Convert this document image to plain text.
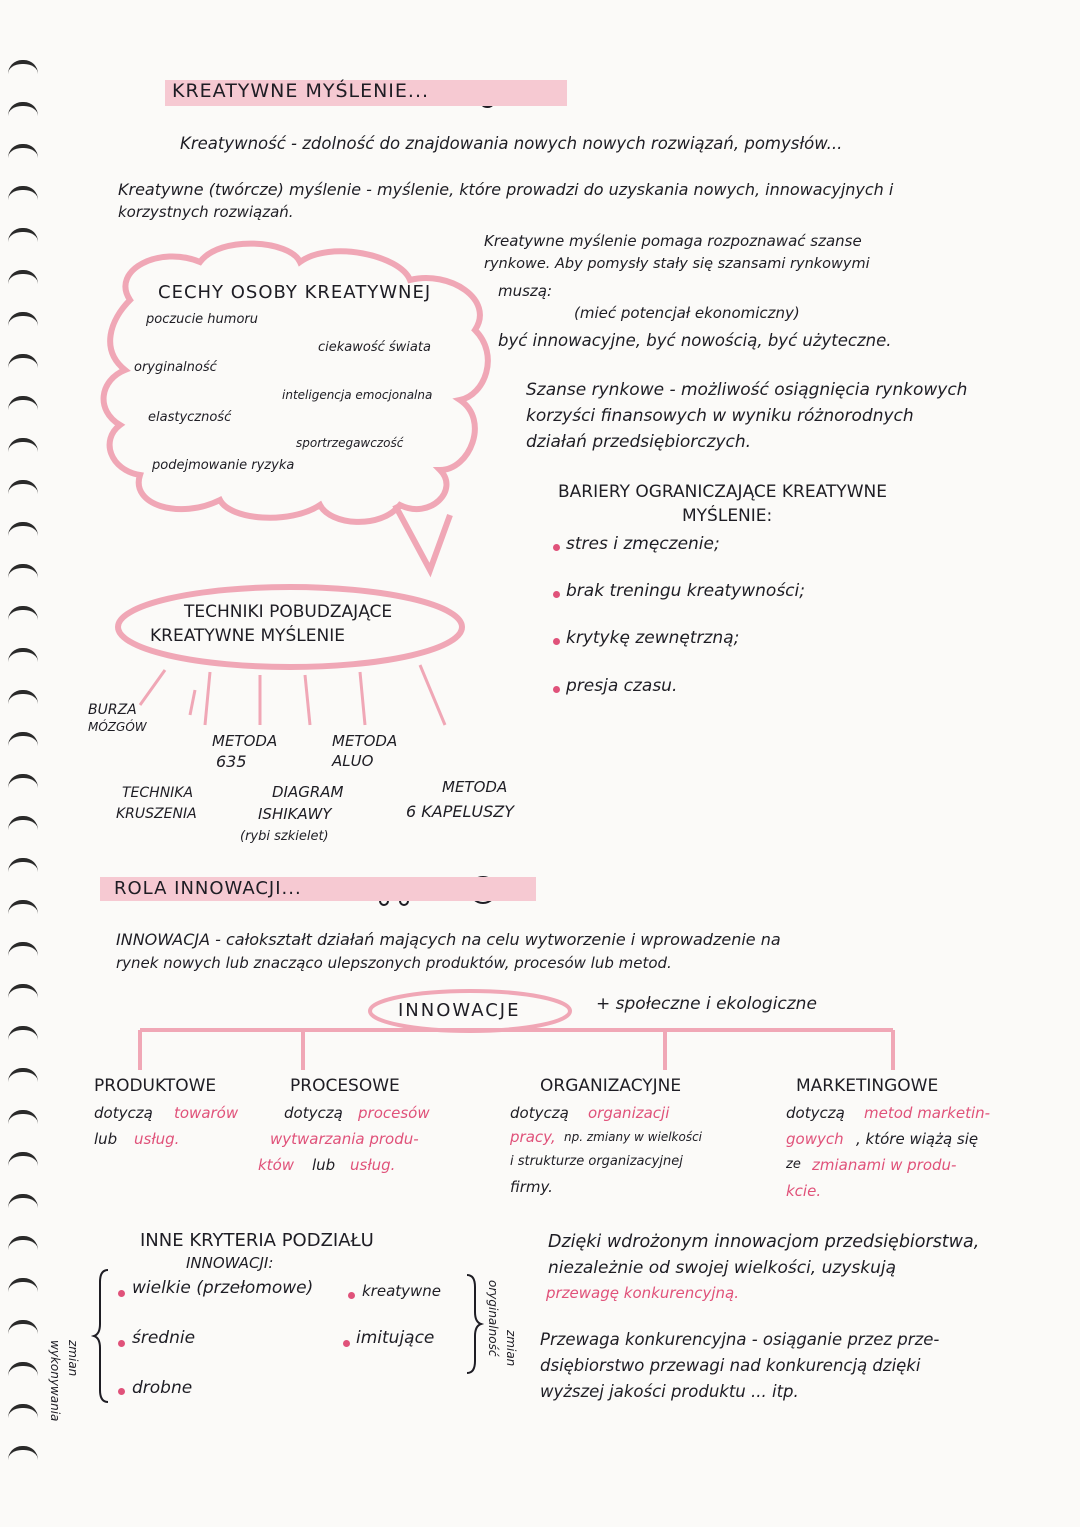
KREATYWNE MYŚLENIE...
Kreatywność - zdolność do znajdowania nowych nowych rozwiązań, pomysłów...
Kreatywne (twórcze) myślenie - myślenie, które prowadzi do uzyskania nowych, innowacyjnych i
korzystnych rozwiązań.
Kreatywne myślenie pomaga rozpoznawać szanse
rynkowe. Aby pomysły stały się szansami rynkowymi
muszą:
(mieć potencjał ekonomiczny)
być innowacyjne, być nowością, być użyteczne.
Szanse rynkowe - możliwość osiągnięcia rynkowych
korzyści finansowych w wyniku różnorodnych
działań przedsiębiorczych.
CECHY OSOBY KREATYWNEJ
poczucie humoru
ciekawość świata
oryginalność
inteligencja emocjonalna
elastyczność
sportrzegawczość
podejmowanie ryzyka
BARIERY OGRANICZAJĄCE KREATYWNE
MYŚLENIE:
stres i zmęczenie;
brak treningu kreatywności;
krytykę zewnętrzną;
presja czasu.
TECHNIKI POBUDZAJĄCE
KREATYWNE MYŚLENIE
BURZA
MÓZGÓW
METODA
635
METODA
ALUO
TECHNIKA
KRUSZENIA
DIAGRAM
ISHIKAWY
(rybi szkielet)
METODA
6 KAPELUSZY
ROLA INNOWACJI...
INNOWACJA - całokształt działań mających na celu wytworzenie i wprowadzenie na
rynek nowych lub znacząco ulepszonych produktów, procesów lub metod.
INNOWACJE	+ społeczne i ekologiczne
PRODUKTOWE
dotyczą towarów
lub usług.
PROCESOWE
dotyczą procesów
wytwarzania produ-
któw lub usług.
ORGANIZACYJNE
dotyczą organizacji
pracy, np. zmiany w wielkości
i strukturze organizacyjnej
firmy.
MARKETINGOWE
dotyczą metod marketin-
gowych , które wiążą się
ze zmianami w produ-
kcie.
INNE KRYTERIA PODZIAŁU
INNOWACJI:
wykonywania zmian
wielkie (przełomowe)
średnie
drobne
kreatywne
imitujące	oryginalność zmian
Dzięki wdrożonym innowacjom przedsiębiorstwa,
niezależnie od swojej wielkości, uzyskują
przewagę konkurencyjną.
Przewaga konkurencyjna - osiąganie przez prze-
dsiębiorstwo przewagi nad konkurencją dzięki
wyższej jakości produktu ... itp.
